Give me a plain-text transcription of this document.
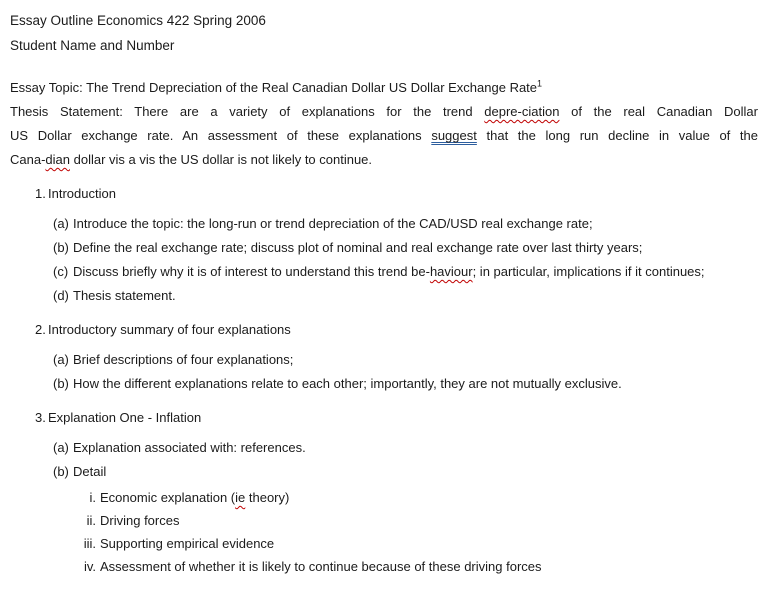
Essay Outline Economics 422 Spring 2006
Student Name and Number
Essay Topic: The Trend Depreciation of the Real Canadian Dollar US Dollar Exchange Rate$^1$
Thesis Statement: There are a variety of explanations for the trend depre-ciation of the real Canadian Dollar
US Dollar exchange rate. An assessment of these explanations suggest that the long run decline in value of the
Cana-dian dollar vis a vis the US dollar is not likely to continue.
1. Introduction
(a) Introduce the topic: the long-run or trend depreciation of the CAD/USD real exchange rate;
(b) Define the real exchange rate; discuss plot of nominal and real exchange rate over last thirty years;
(c) Discuss briefly why it is of interest to understand this trend be-haviour; in particular, implications if it continues;
(d) Thesis statement.
2. Introductory summary of four explanations
(a) Brief descriptions of four explanations;
(b) How the different explanations relate to each other; importantly, they are not mutually exclusive.
3. Explanation One - Inflation
(a) Explanation associated with: references.
(b) Detail
i. Economic explanation (ie theory)
ii. Driving forces
iii. Supporting empirical evidence
iv. Assessment of whether it is likely to continue because of these driving forces
